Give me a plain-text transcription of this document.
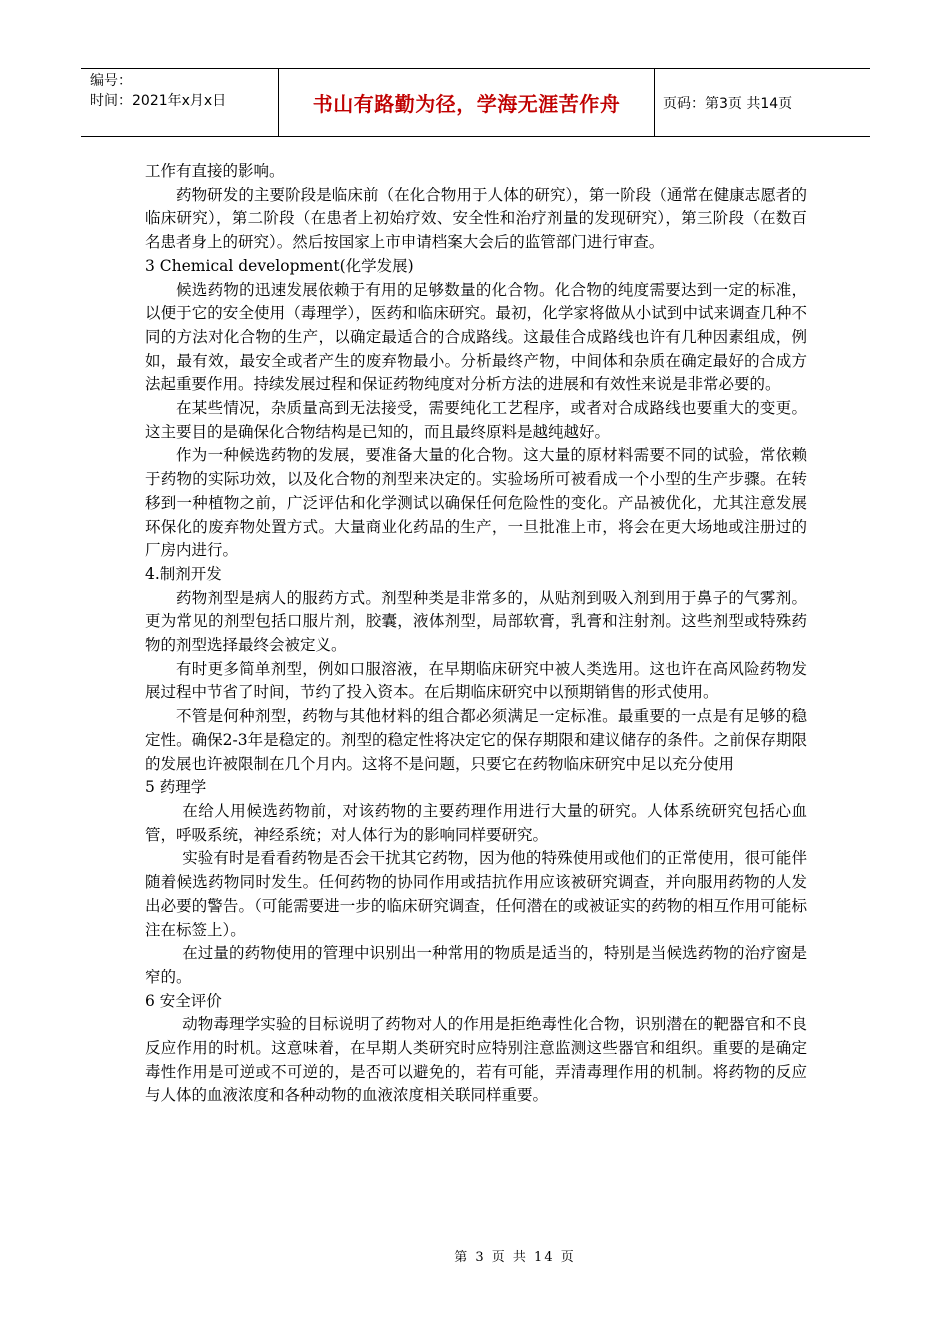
编号：
时间：2021年x月x日	书山有路勤为径，学海无涯苦作舟	页码：第3页 共14页

工作有直接的影响。

药物研发的主要阶段是临床前（在化合物用于人体的研究），第一阶段（通常在健康志愿者的临床研究），第二阶段（在患者上初始疗效、安全性和治疗剂量的发现研究），第三阶段（在数百名患者身上的研究）。然后按国家上市申请档案大会后的监管部门进行审查。

3 Chemical development(化学发展)

候选药物的迅速发展依赖于有用的足够数量的化合物。化合物的纯度需要达到一定的标准，以便于它的安全使用（毒理学），医药和临床研究。最初，化学家将做从小试到中试来调查几种不同的方法对化合物的生产，以确定最适合的合成路线。这最佳合成路线也许有几种因素组成，例如，最有效，最安全或者产生的废弃物最小。分析最终产物，中间体和杂质在确定最好的合成方法起重要作用。持续发展过程和保证药物纯度对分析方法的进展和有效性来说是非常必要的。

在某些情况，杂质量高到无法接受，需要纯化工艺程序，或者对合成路线也要重大的变更。这主要目的是确保化合物结构是已知的，而且最终原料是越纯越好。

作为一种候选药物的发展，要准备大量的化合物。这大量的原材料需要不同的试验，常依赖于药物的实际功效，以及化合物的剂型来决定的。实验场所可被看成一个小型的生产步骤。在转移到一种植物之前，广泛评估和化学测试以确保任何危险性的变化。产品被优化，尤其注意发展环保化的废弃物处置方式。大量商业化药品的生产，一旦批准上市，将会在更大场地或注册过的厂房内进行。

4.制剂开发

药物剂型是病人的服药方式。剂型种类是非常多的，从贴剂到吸入剂到用于鼻子的气雾剂。更为常见的剂型包括口服片剂，胶囊，液体剂型，局部软膏，乳膏和注射剂。这些剂型或特殊药物的剂型选择最终会被定义。

有时更多简单剂型，例如口服溶液，在早期临床研究中被人类选用。这也许在高风险药物发展过程中节省了时间，节约了投入资本。在后期临床研究中以预期销售的形式使用。

不管是何种剂型，药物与其他材料的组合都必须满足一定标准。最重要的一点是有足够的稳定性。确保2-3年是稳定的。剂型的稳定性将决定它的保存期限和建议储存的条件。之前保存期限的发展也许被限制在几个月内。这将不是问题，只要它在药物临床研究中足以充分使用

5 药理学

在给人用候选药物前，对该药物的主要药理作用进行大量的研究。人体系统研究包括心血管，呼吸系统，神经系统；对人体行为的影响同样要研究。

实验有时是看看药物是否会干扰其它药物，因为他的特殊使用或他们的正常使用，很可能伴随着候选药物同时发生。任何药物的协同作用或拮抗作用应该被研究调查，并向服用药物的人发出必要的警告。（可能需要进一步的临床研究调查，任何潜在的或被证实的药物的相互作用可能标注在标签上）。

在过量的药物使用的管理中识别出一种常用的物质是适当的，特别是当候选药物的治疗窗是窄的。

6 安全评价

动物毒理学实验的目标说明了药物对人的作用是拒绝毒性化合物，识别潜在的靶器官和不良反应作用的时机。这意味着，在早期人类研究时应特别注意监测这些器官和组织。重要的是确定毒性作用是可逆或不可逆的，是否可以避免的，若有可能，弄清毒理作用的机制。将药物的反应与人体的血液浓度和各种动物的血液浓度相关联同样重要。

第 3 页 共 14 页
